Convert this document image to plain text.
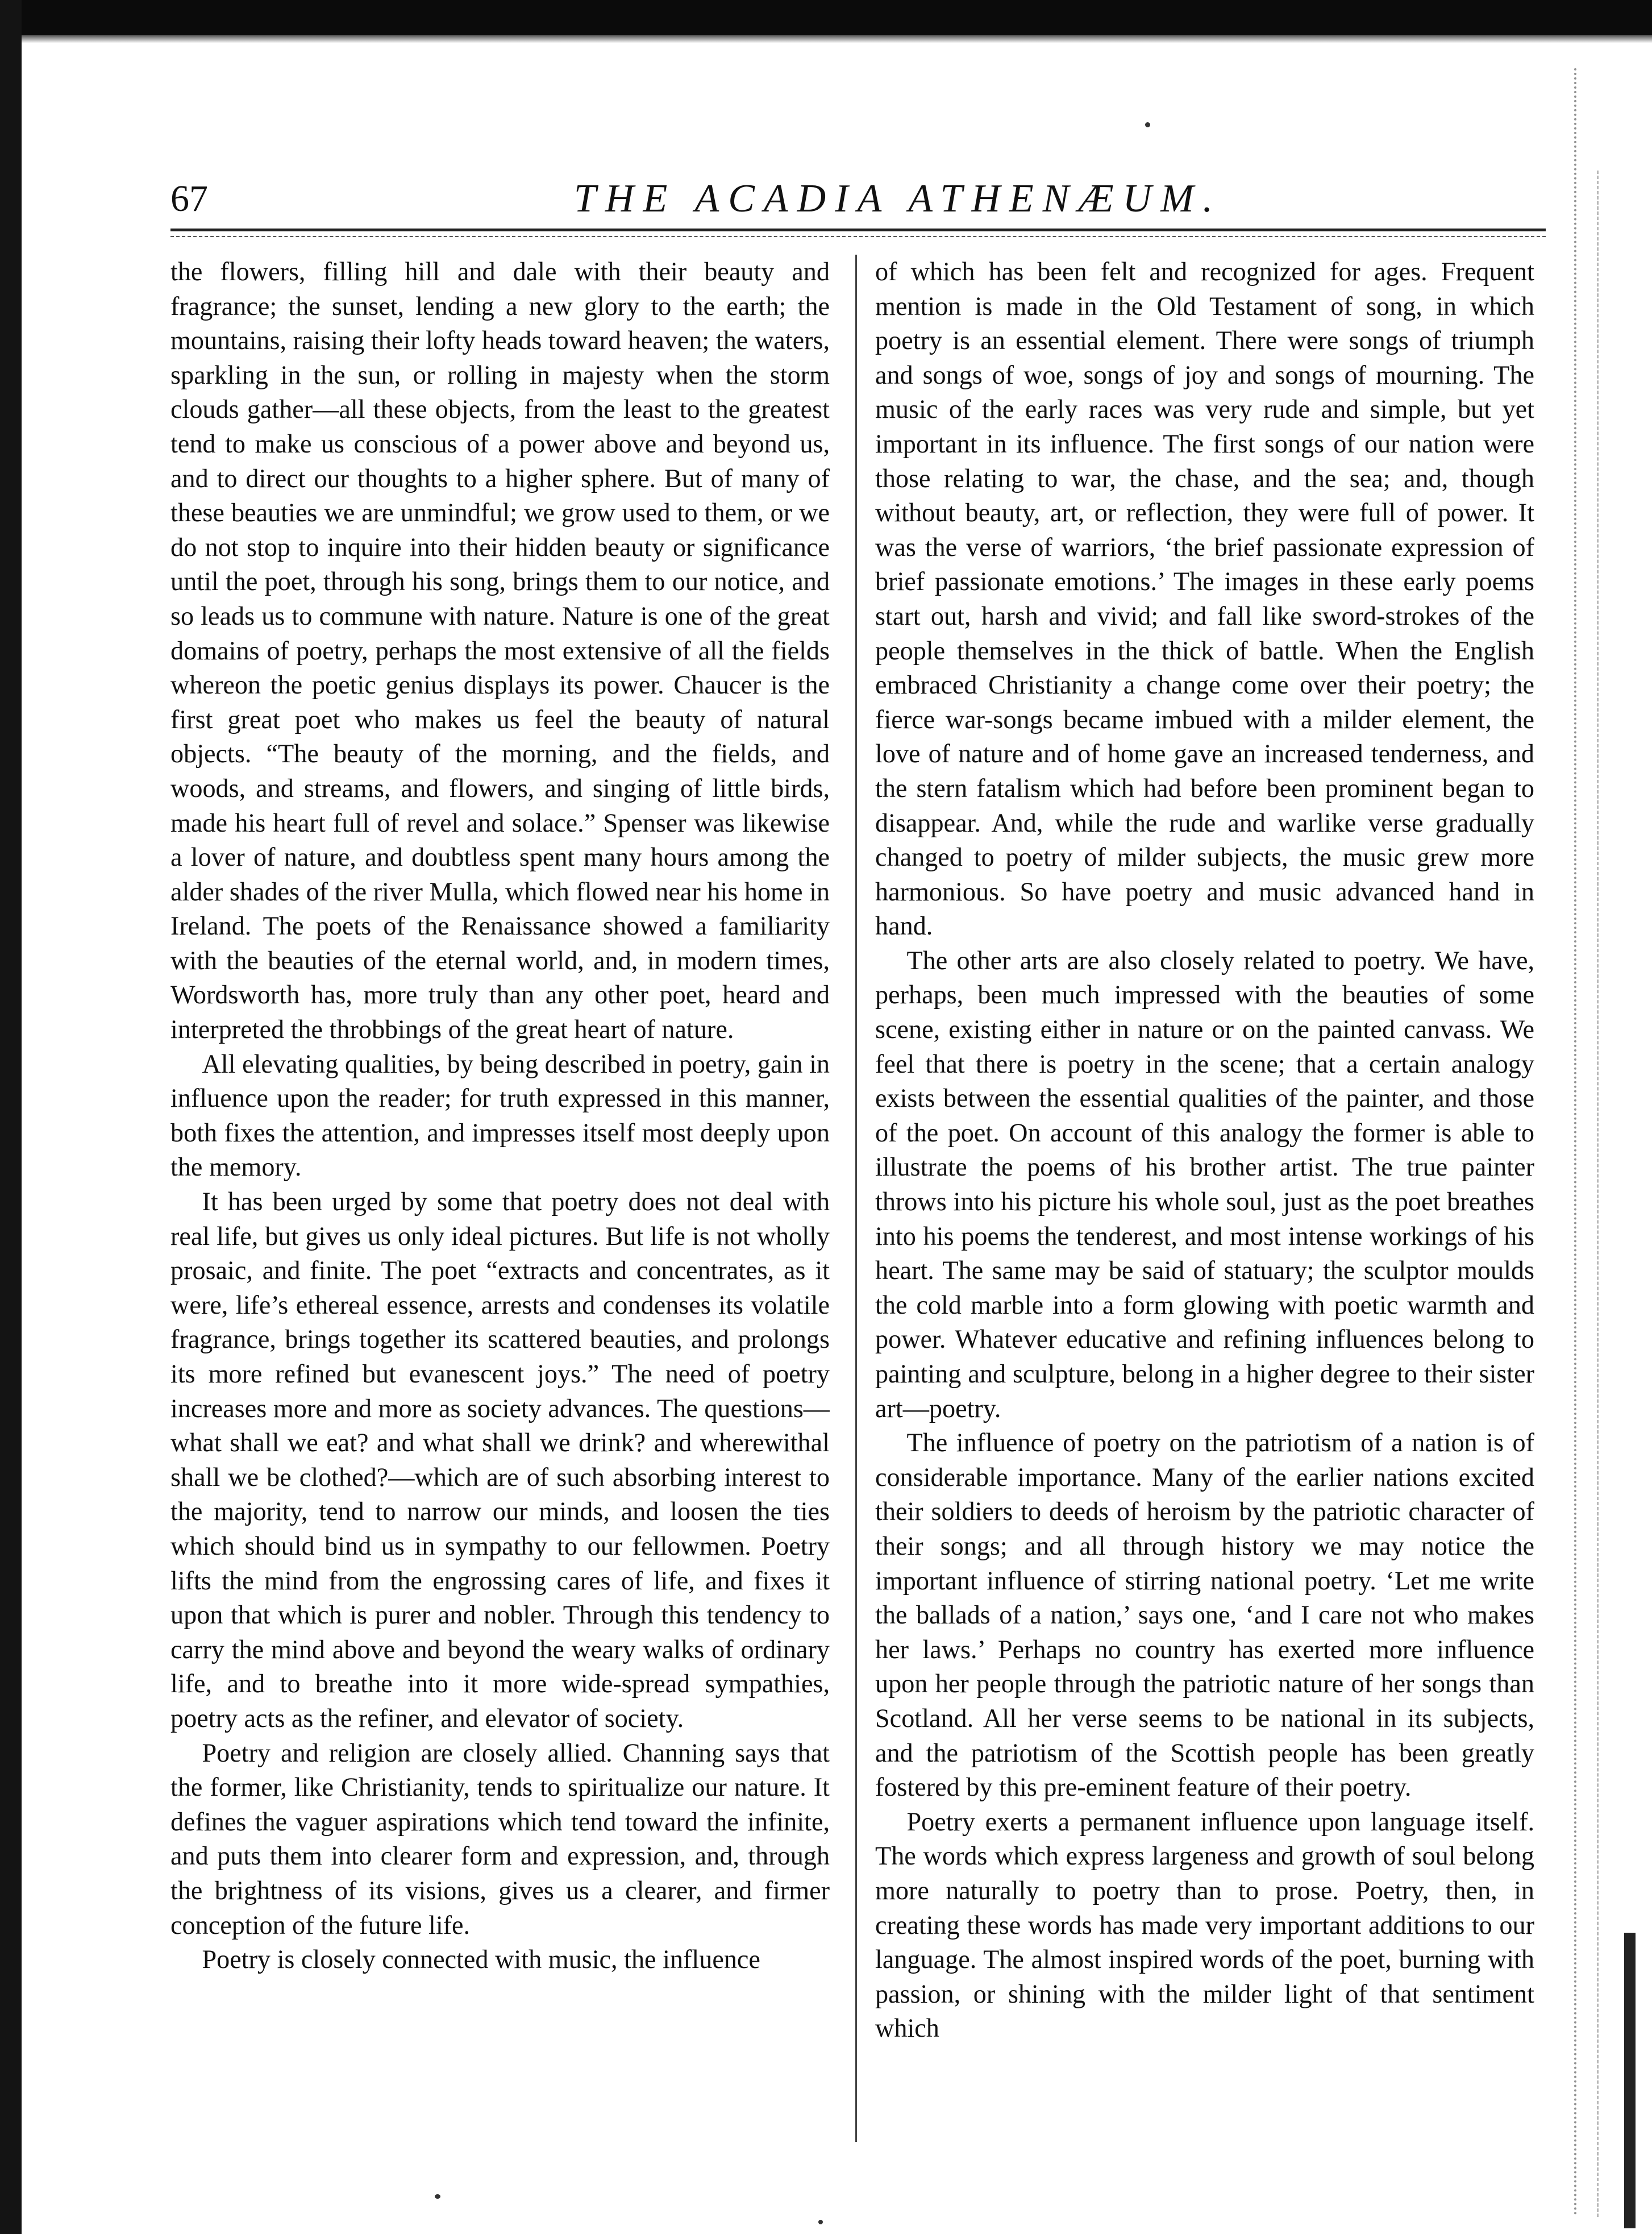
67	THE ACADIA ATHENÆUM.

the flowers, filling hill and dale with their beauty and fragrance; the sunset, lending a new glory to the earth; the mountains, raising their lofty heads toward heaven; the waters, sparkling in the sun, or rolling in majesty when the storm clouds gather—all these objects, from the least to the greatest tend to make us conscious of a power above and beyond us, and to direct our thoughts to a higher sphere. But of many of these beauties we are unmindful; we grow used to them, or we do not stop to inquire into their hidden beauty or significance until the poet, through his song, brings them to our notice, and so leads us to commune with nature. Nature is one of the great domains of poetry, perhaps the most extensive of all the fields whereon the poetic genius displays its power. Chaucer is the first great poet who makes us feel the beauty of natural objects. “The beauty of the morning, and the fields, and woods, and streams, and flowers, and singing of little birds, made his heart full of revel and solace.” Spenser was likewise a lover of nature, and doubtless spent many hours among the alder shades of the river Mulla, which flowed near his home in Ireland. The poets of the Renaissance showed a familiarity with the beauties of the eternal world, and, in modern times, Wordsworth has, more truly than any other poet, heard and interpreted the throbbings of the great heart of nature.

All elevating qualities, by being described in poetry, gain in influence upon the reader; for truth expressed in this manner, both fixes the attention, and impresses itself most deeply upon the memory.

It has been urged by some that poetry does not deal with real life, but gives us only ideal pictures. But life is not wholly prosaic, and finite. The poet “extracts and concentrates, as it were, life’s ethereal essence, arrests and condenses its volatile fragrance, brings together its scattered beauties, and prolongs its more refined but evanescent joys.” The need of poetry increases more and more as society advances. The questions—what shall we eat? and what shall we drink? and wherewithal shall we be clothed?—which are of such absorbing interest to the majority, tend to narrow our minds, and loosen the ties which should bind us in sympathy to our fellowmen. Poetry lifts the mind from the engrossing cares of life, and fixes it upon that which is purer and nobler. Through this tendency to carry the mind above and beyond the weary walks of ordinary life, and to breathe into it more wide-spread sympathies, poetry acts as the refiner, and elevator of society.

Poetry and religion are closely allied. Channing says that the former, like Christianity, tends to spiritualize our nature. It defines the vaguer aspirations which tend toward the infinite, and puts them into clearer form and expression, and, through the brightness of its visions, gives us a clearer, and firmer conception of the future life.

Poetry is closely connected with music, the influence

of which has been felt and recognized for ages. Frequent mention is made in the Old Testament of song, in which poetry is an essential element. There were songs of triumph and songs of woe, songs of joy and songs of mourning. The music of the early races was very rude and simple, but yet important in its influence. The first songs of our nation were those relating to war, the chase, and the sea; and, though without beauty, art, or reflection, they were full of power. It was the verse of warriors, ‘the brief passionate expression of brief passionate emotions.’ The images in these early poems start out, harsh and vivid; and fall like sword-strokes of the people themselves in the thick of battle. When the English embraced Christianity a change come over their poetry; the fierce war-songs became imbued with a milder element, the love of nature and of home gave an increased tenderness, and the stern fatalism which had before been prominent began to disappear. And, while the rude and warlike verse gradually changed to poetry of milder subjects, the music grew more harmonious. So have poetry and music advanced hand in hand.

The other arts are also closely related to poetry. We have, perhaps, been much impressed with the beauties of some scene, existing either in nature or on the painted canvass. We feel that there is poetry in the scene; that a certain analogy exists between the essential qualities of the painter, and those of the poet. On account of this analogy the former is able to illustrate the poems of his brother artist. The true painter throws into his picture his whole soul, just as the poet breathes into his poems the tenderest, and most intense workings of his heart. The same may be said of statuary; the sculptor moulds the cold marble into a form glowing with poetic warmth and power. Whatever educative and refining influences belong to painting and sculpture, belong in a higher degree to their sister art—poetry.

The influence of poetry on the patriotism of a nation is of considerable importance. Many of the earlier nations excited their soldiers to deeds of heroism by the patriotic character of their songs; and all through history we may notice the important influence of stirring national poetry. ‘Let me write the ballads of a nation,’ says one, ‘and I care not who makes her laws.’ Perhaps no country has exerted more influence upon her people through the patriotic nature of her songs than Scotland. All her verse seems to be national in its subjects, and the patriotism of the Scottish people has been greatly fostered by this pre-eminent feature of their poetry.

Poetry exerts a permanent influence upon language itself. The words which express largeness and growth of soul belong more naturally to poetry than to prose. Poetry, then, in creating these words has made very important additions to our language. The almost inspired words of the poet, burning with passion, or shining with the milder light of that sentiment which
